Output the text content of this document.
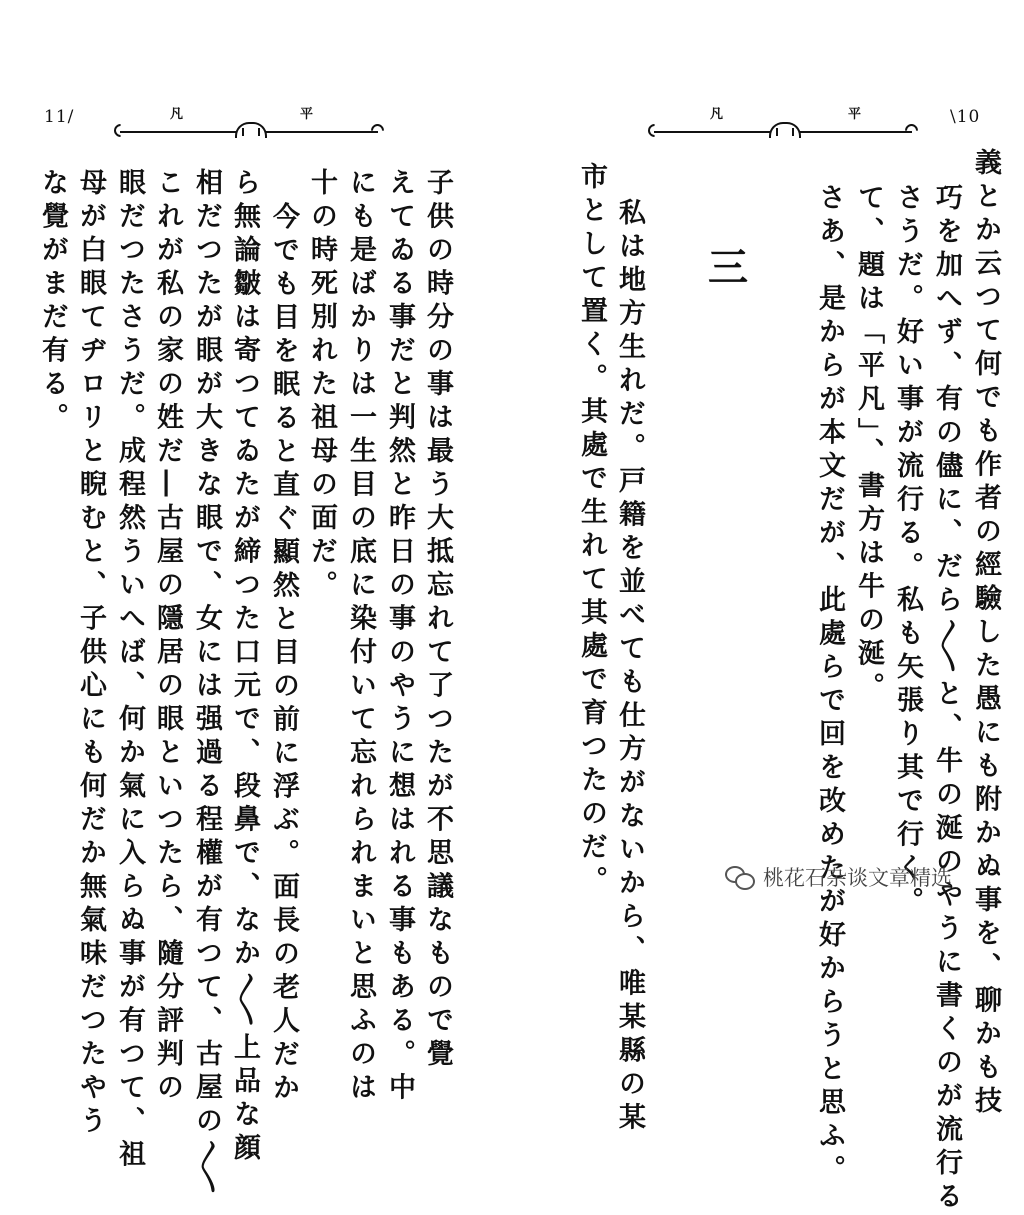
11/	凡	平
子供の時分の事は最う大抵忘れて了つたが不思議なもので覺
えてゐる事だと判然と昨日の事のやうに想はれる事もある。中
にも是ばかりは一生目の底に染付いて忘れられまいと思ふのは
十の時死別れた祖母の面だ。
今でも目を眠ると直ぐ顯然と目の前に浮ぶ。面長の老人だか
ら無論皺は寄つてゐたが締つた口元で、段鼻で、なか〳〵上品な顔
相だつたが眼が大きな眼で、女には强過る程權が有つて、古屋の〳〵
これが私の家の姓だ―古屋の隱居の眼といつたら、隨分評判の
眼だつたさうだ。成程然ういへば、何か氣に入らぬ事が有つて、祖
母が白眼てヂロリと睨むと、子供心にも何だか無氣味だつたやう
な覺がまだ有る。
\10
凡	平
義とか云つて何でも作者の經驗した愚にも附かぬ事を、聊かも技
巧を加へず、有の儘に、だら〳〵と、牛の涎のやうに書くのが流行る
さうだ。好い事が流行る。私も矢張り其で行く。
て、題は「平凡」、書方は牛の涎。
さあ、是からが本文だが、此處らで回を改めたが好からうと思ふ。
三
私は地方生れだ。戸籍を並べても仕方がないから、唯某縣の某
市として置く。其處で生れて其處で育つたのだ。	桃花石杂谈文章精选
